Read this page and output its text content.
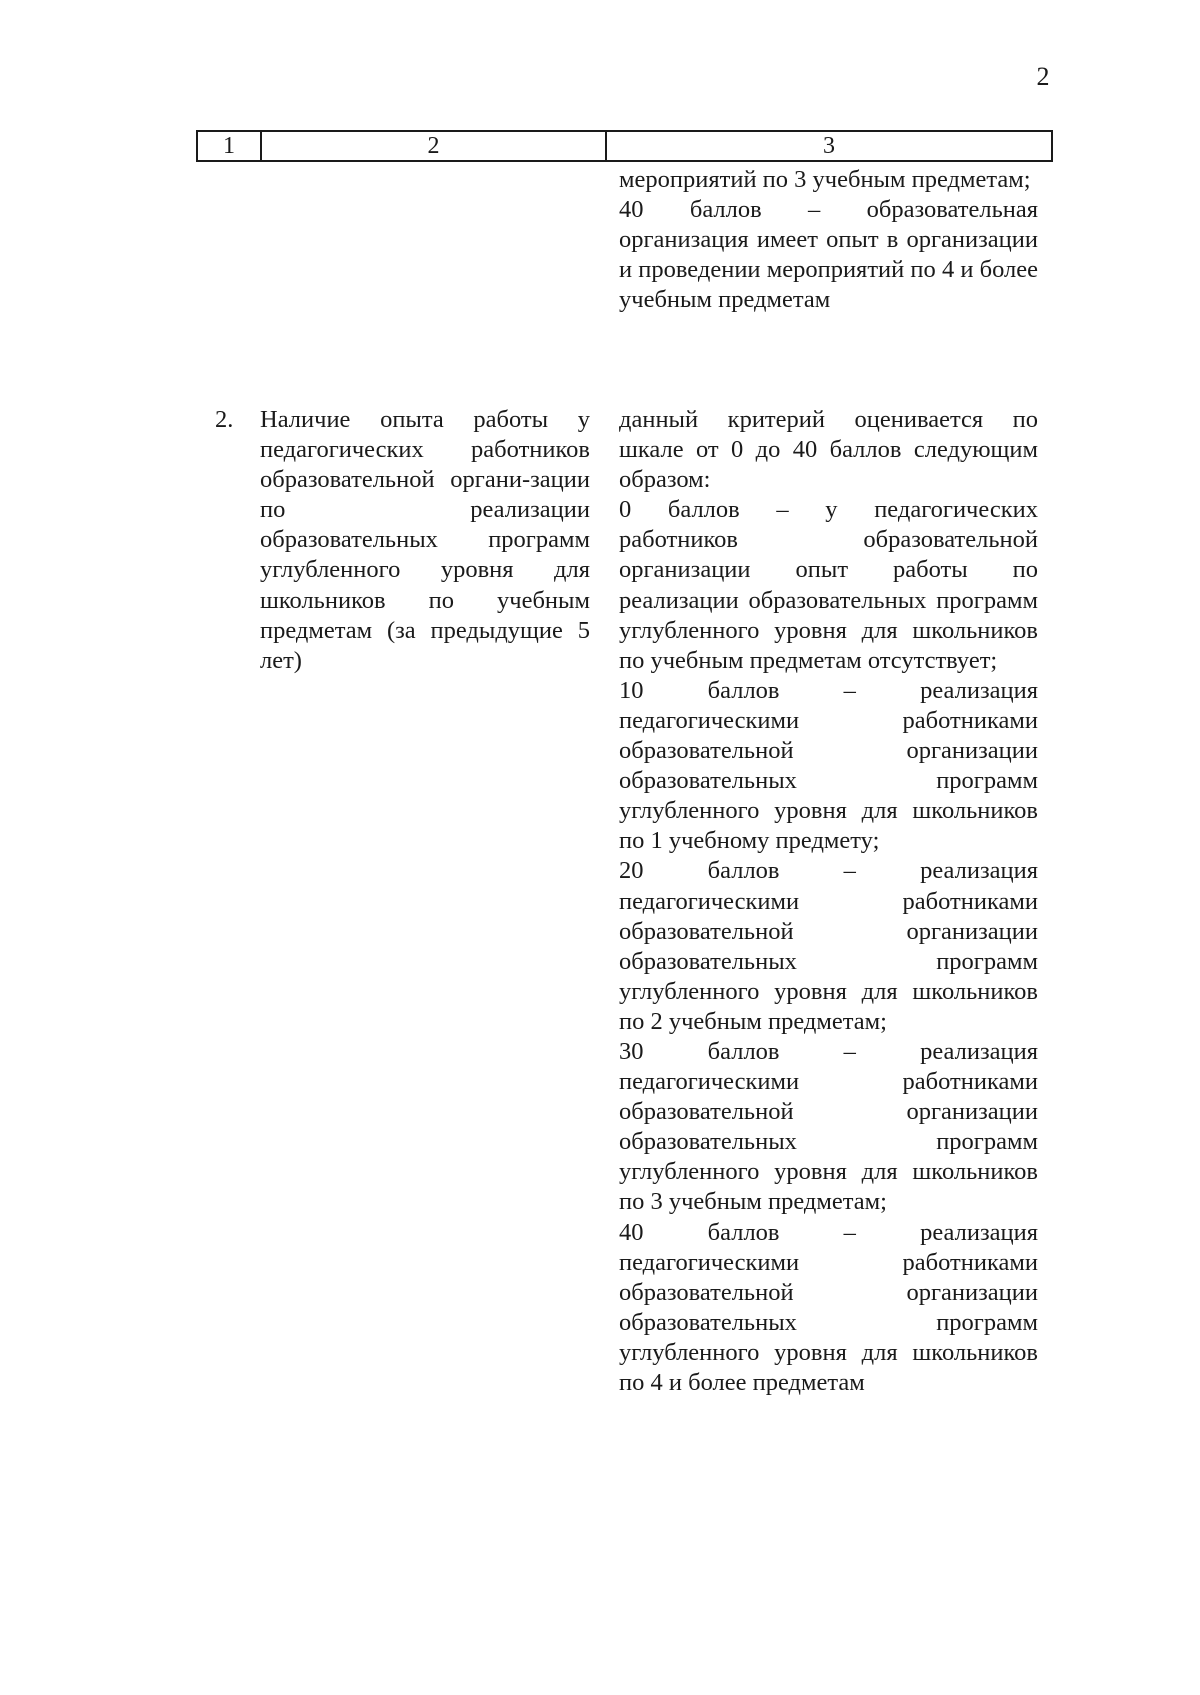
2
1	2	3

мероприятий по 3 учебным предметам;

40 баллов – образовательная организация имеет опыт в организации и проведении мероприятий по 4 и более учебным предметам

2. Наличие опыта работы у педагогических работников образовательной органи-зации по реализации образовательных программ углубленного уровня для школьников по учебным предметам (за предыдущие 5 лет)

данный критерий оценивается по шкале от 0 до 40 баллов следующим образом:

0 баллов – у педагогических работников образовательной организации опыт работы по реализации образовательных программ углубленного уровня для школьников по учебным предметам отсутствует;

10 баллов – реализация педагогическими работниками образовательной организации образовательных программ углубленного уровня для школьников по 1 учебному предмету;

20 баллов – реализация педагогическими работниками образовательной организации образовательных программ углубленного уровня для школьников по 2 учебным предметам;

30 баллов – реализация педагогическими работниками образовательной организации образовательных программ углубленного уровня для школьников по 3 учебным предметам;

40 баллов – реализация педагогическими работниками образовательной организации образовательных программ углубленного уровня для школьников по 4 и более предметам
